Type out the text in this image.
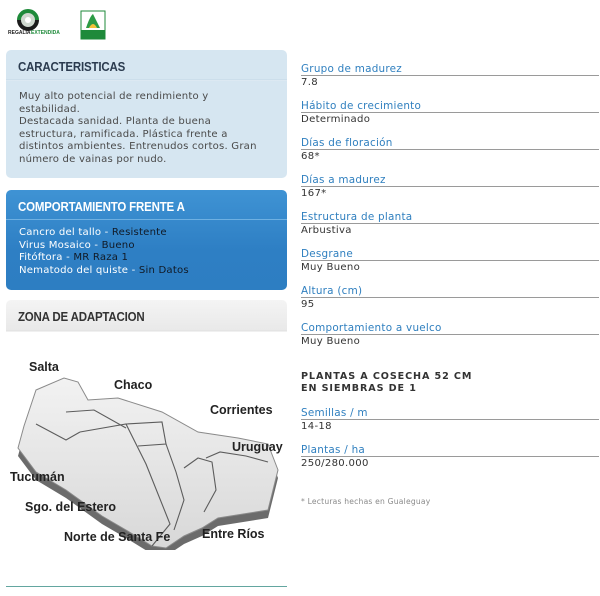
REGALIA EXTENDIDA
CARACTERISTICAS
Muy alto potencial de rendimiento y
estabilidad.
Destacada sanidad. Planta de buena
estructura, ramificada. Plástica frente a
distintos ambientes. Entrenudos cortos. Gran
número de vainas por nudo.
COMPORTAMIENTO FRENTE A
Cancro del tallo - Resistente
Virus Mosaico - Bueno
Fitóftora - MR Raza 1
Nematodo del quiste - Sin Datos
ZONA DE ADAPTACION
Salta
Chaco
Corrientes
Uruguay
Tucumán
Sgo. del Estero
Norte de Santa Fe	Entre Ríos
Grupo de madurez
7.8
Hábito de crecimiento
Determinado
Días de floración
68*
Días a madurez
167*
Estructura de planta
Arbustiva
Desgrane
Muy Bueno
Altura (cm)
95
Comportamiento a vuelco
Muy Bueno
PLANTAS A COSECHA 52 CM
EN SIEMBRAS DE 1
Semillas / m
14-18
Plantas / ha
250/280.000
* Lecturas hechas en Gualeguay
